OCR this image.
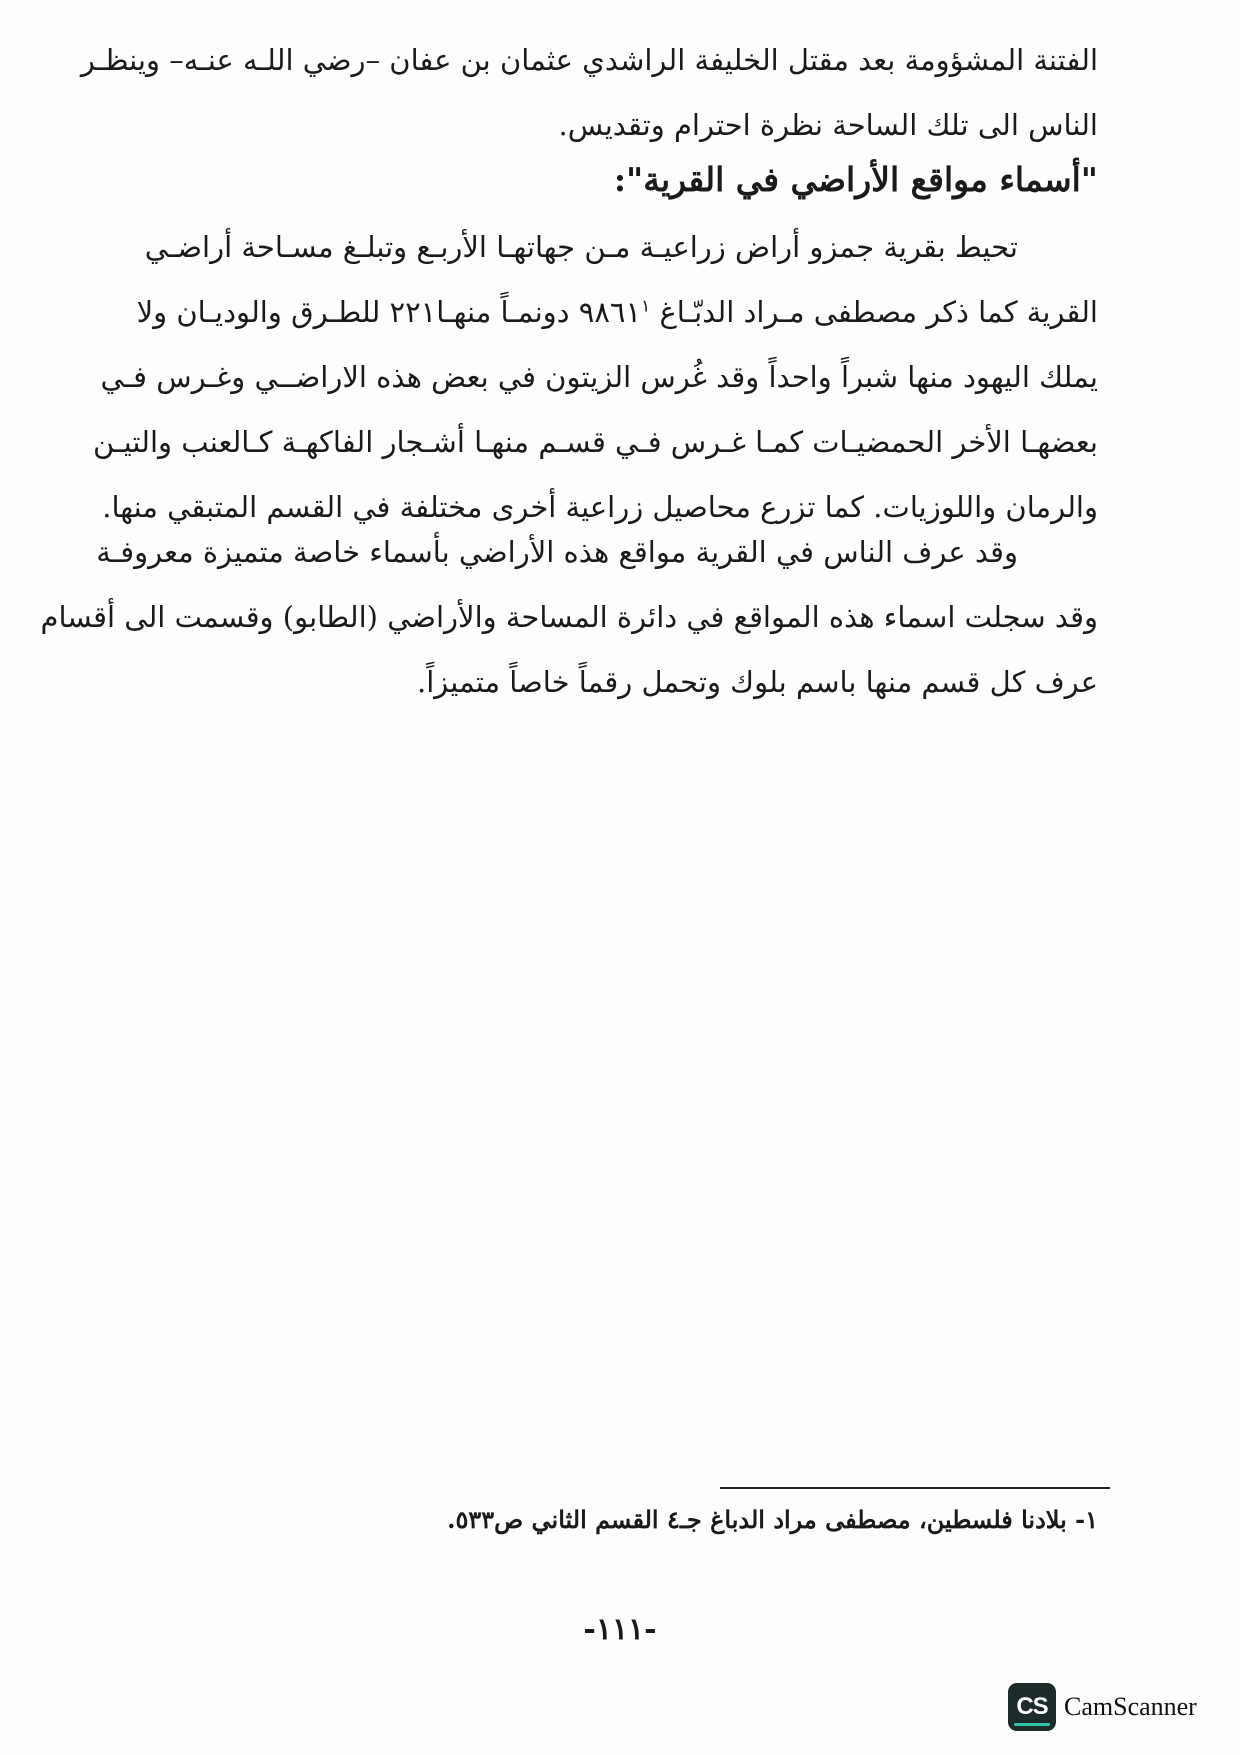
الفتنة المشؤومة بعد مقتل الخليفة الراشدي عثمان بن عفان –رضي اللـه عنـه– وينظـر
الناس الى تلك الساحة نظرة احترام وتقديس.
"أسماء مواقع الأراضي في القرية":
تحيط بقرية جمزو أراض زراعيـة مـن جهاتهـا الأربـع وتبلـغ مسـاحة أراضـي
القرية كما ذكر مصطفى مـراد الدبّـاغ ٩٨٦١$^١$ دونمـاً منهـا٢٢١ للطـرق والوديـان ولا
يملك اليهود منها شبراً واحداً وقد غُرس الزيتون في بعض هذه الاراضــي وغـرس فـي
بعضهـا الأخر الحمضيـات كمـا غـرس فـي قسـم منهـا أشـجار الفاكهـة كـالعنب والتيـن
والرمان واللوزيات. كما تزرع محاصيل زراعية أخرى مختلفة في القسم المتبقي منها.
وقد عرف الناس في القرية مواقع هذه الأراضي بأسماء خاصة متميزة معروفـة
وقد سجلت اسماء هذه المواقع في دائرة المساحة والأراضي (الطابو) وقسمت الى أقسام
عرف كل قسم منها باسم بلوك وتحمل رقماً خاصاً متميزاً.
١- بلادنا فلسطين، مصطفى مراد الدباغ جـ٤ القسم الثاني ص٥٣٣.
-١١١-
CS CamScanner
